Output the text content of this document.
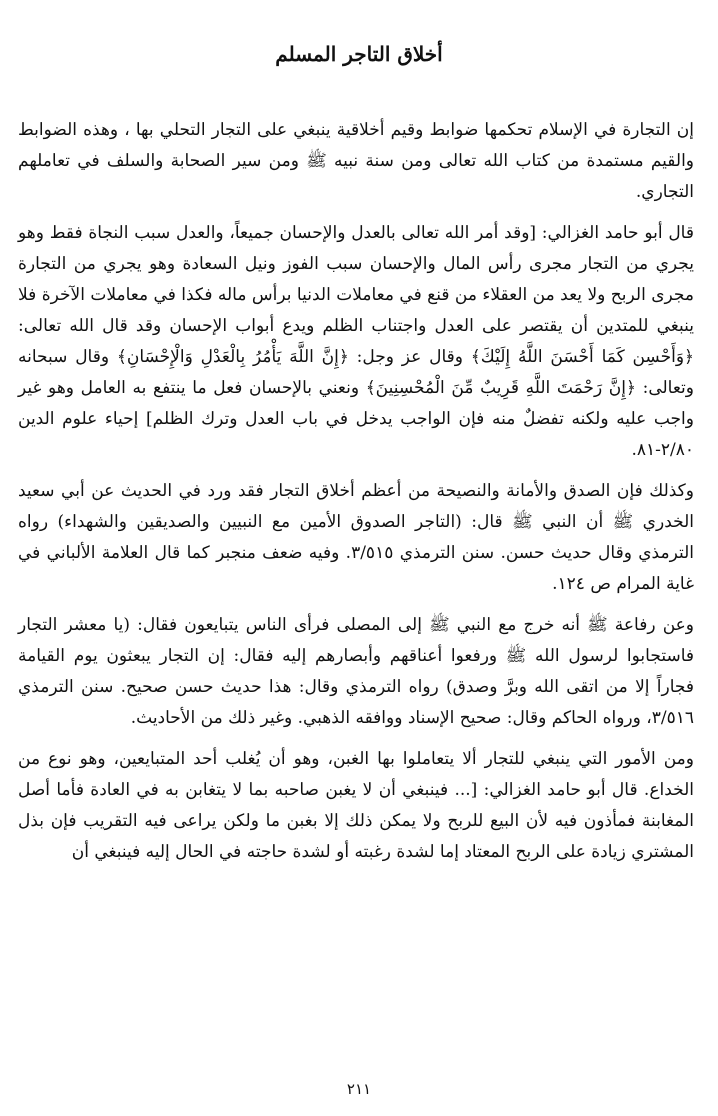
أخلاق التاجر المسلم

إن التجارة في الإسلام تحكمها ضوابط وقيم أخلاقية ينبغي على التجار التحلي بها ، وهذه الضوابط والقيم مستمدة من كتاب الله تعالى ومن سنة نبيه ﷺ ومن سير الصحابة والسلف في تعاملهم التجاري.

قال أبو حامد الغزالي: [وقد أمر الله تعالى بالعدل والإحسان جميعاً، والعدل سبب النجاة فقط وهو يجري من التجار مجرى رأس المال والإحسان سبب الفوز ونيل السعادة وهو يجري من التجارة مجرى الربح ولا يعد من العقلاء من قنع في معاملات الدنيا برأس ماله فكذا في معاملات الآخرة فلا ينبغي للمتدين أن يقتصر على العدل واجتناب الظلم ويدع أبواب الإحسان وقد قال الله تعالى: ﴿وَأَحْسِن كَمَا أَحْسَنَ اللَّهُ إِلَيْكَ﴾ وقال عز وجل: ﴿إِنَّ اللَّهَ يَأْمُرُ بِالْعَدْلِ وَالْإِحْسَانِ﴾ وقال سبحانه وتعالى: ﴿إِنَّ رَحْمَتَ اللَّهِ قَرِيبٌ مِّنَ الْمُحْسِنِينَ﴾ ونعني بالإحسان فعل ما ينتفع به العامل وهو غير واجب عليه ولكنه تفضلٌ منه فإن الواجب يدخل في باب العدل وترك الظلم] إحياء علوم الدين ٢/٨٠-٨١.

وكذلك فإن الصدق والأمانة والنصيحة من أعظم أخلاق التجار فقد ورد في الحديث عن أبي سعيد الخدري ﷺ أن النبي ﷺ قال: (التاجر الصدوق الأمين مع النبيين والصديقين والشهداء) رواه الترمذي وقال حديث حسن. سنن الترمذي ٣/٥١٥. وفيه ضعف منجبر كما قال العلامة الألباني في غاية المرام ص ١٢٤.

وعن رفاعة ﷺ أنه خرج مع النبي ﷺ إلى المصلى فرأى الناس يتبايعون فقال: (يا معشر التجار فاستجابوا لرسول الله ﷺ ورفعوا أعناقهم وأبصارهم إليه فقال: إن التجار يبعثون يوم القيامة فجاراً إلا من اتقى الله وبرَّ وصدق) رواه الترمذي وقال: هذا حديث حسن صحيح. سنن الترمذي ٣/٥١٦، ورواه الحاكم وقال: صحيح الإسناد ووافقه الذهبي. وغير ذلك من الأحاديث.

ومن الأمور التي ينبغي للتجار ألا يتعاملوا بها الغبن، وهو أن يُغلب أحد المتبايعين، وهو نوع من الخداع. قال أبو حامد الغزالي: [... فينبغي أن لا يغبن صاحبه بما لا يتغابن به في العادة فأما أصل المغابنة فمأذون فيه لأن البيع للربح ولا يمكن ذلك إلا بغبن ما ولكن يراعى فيه التقريب فإن بذل المشتري زيادة على الربح المعتاد إما لشدة رغبته أو لشدة حاجته في الحال إليه فينبغي أن

٢١١
